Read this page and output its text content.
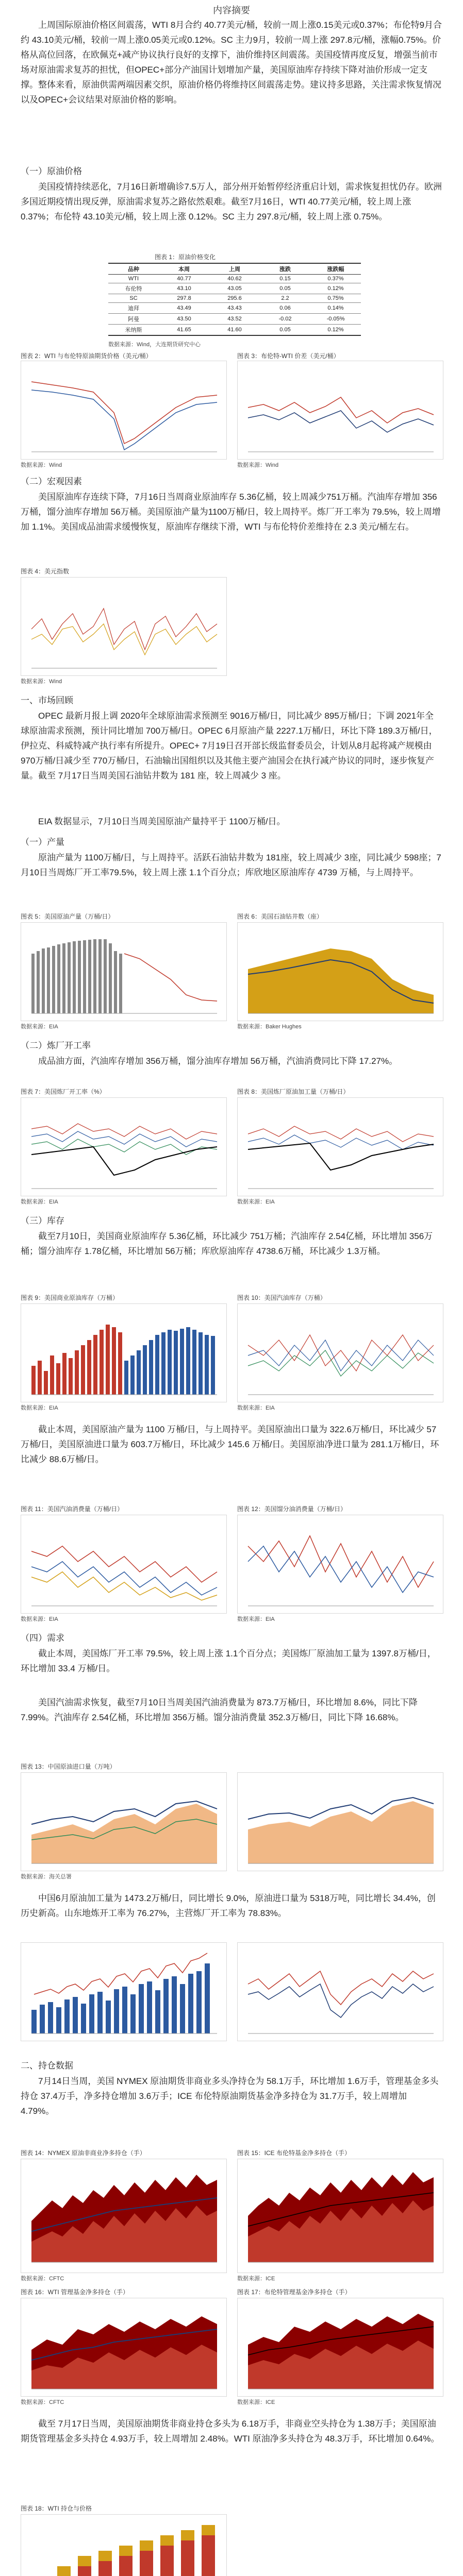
内容摘要
上周国际原油价格区间震荡，WTI 8月合约 40.77美元/桶，较前一周上涨0.15美元或0.37%；布伦特9月合约 43.10美元/桶，较前一周上涨0.05美元或0.12%。SC 主力9月，较前一周上涨 297.8元/桶，涨幅0.75%。价格从高位回落，在欧佩克+减产协议执行良好的支撑下，油价维持区间震荡。美国疫情再度反复，增强当前市场对原油需求复苏的担忧，但OPEC+部分产油国计划增加产量，美国原油库存持续下降对油价形成一定支撑。整体来看，原油供需两端因素交织，原油价格仍将维持区间震荡走势。建议持多思路，关注需求恢复情况以及OPEC+会议结果对原油价格的影响。
（一）原油价格
美国疫情持续恶化，7月16日新增确诊7.5万人，部分州开始暂停经济重启计划，需求恢复担忧仍存。欧洲多国近期疫情出现反弹，原油需求复苏之路依然艰难。截至7月16日，WTI 40.77美元/桶，较上周上涨 0.37%；布伦特 43.10美元/桶，较上周上涨 0.12%。SC 主力 297.8元/桶，较上周上涨 0.75%。
图表 1：原油价格变化
品种	本周	上周	涨跌	涨跌幅
WTI	40.77	40.62	0.15	0.37%
布伦特	43.10	43.05	0.05	0.12%
SC	297.8	295.6	2.2	0.75%
迪拜	43.49	43.43	0.06	0.14%
阿曼	43.50	43.52	-0.02	-0.05%
米纳斯	41.65	41.60	0.05	0.12%
数据来源：Wind，大连期货研究中心
图表 2：WTI 与布伦特原油期货价格（美元/桶）	图表 3：布伦特-WTI 价差（美元/桶）
数据来源：Wind	数据来源：Wind
（二）宏观因素
美国原油库存连续下降，7月16日当周商业原油库存 5.36亿桶，较上周减少751万桶。汽油库存增加 356万桶，馏分油库存增加 56万桶。美国原油产量为1100万桶/日，较上周持平。炼厂开工率为 79.5%，较上周增加 1.1%。美国成品油需求缓慢恢复，原油库存继续下滑，WTI 与布伦特价差维持在 2.3 美元/桶左右。
图表 4：美元指数
数据来源：Wind
一、市场回顾
OPEC 最新月报上调 2020年全球原油需求预测至 9016万桶/日，同比减少 895万桶/日；下调 2021年全球原油需求预测，预计同比增加 700万桶/日。OPEC 6月原油产量 2227.1万桶/日，环比下降 189.3万桶/日，伊拉克、科威特减产执行率有所提升。OPEC+ 7月19日召开部长级监督委员会，计划从8月起将减产规模由 970万桶/日减少至 770万桶/日，石油输出国组织以及其他主要产油国会在执行减产协议的同时，逐步恢复产量。截至 7月17日当周美国石油钻井数为 181 座，较上周减少 3 座。
EIA 数据显示，7月10日当周美国原油产量持平于 1100万桶/日。
（一）产量
原油产量为 1100万桶/日，与上周持平。活跃石油钻井数为 181座，较上周减少 3座，同比减少 598座；7月10日当周炼厂开工率79.5%，较上周上涨 1.1个百分点；库欣地区原油库存 4739 万桶，与上周持平。
图表 5：美国原油产量（万桶/日）	图表 6：美国石油钻井数（座）
数据来源：EIA	数据来源：Baker Hughes
（二）炼厂开工率
成品油方面，汽油库存增加 356万桶，馏分油库存增加 56万桶，汽油消费同比下降 17.27%。
图表 7：美国炼厂开工率（%）	图表 8：美国炼厂原油加工量（万桶/日）
数据来源：EIA	数据来源：EIA
（三）库存
截至7月10日，美国商业原油库存 5.36亿桶，环比减少 751万桶；汽油库存 2.54亿桶，环比增加 356万桶；馏分油库存 1.78亿桶，环比增加 56万桶；库欣原油库存 4738.6万桶，环比减少 1.3万桶。
图表 9：美国商业原油库存（万桶）	图表 10：美国汽油库存（万桶）
数据来源：EIA	数据来源：EIA
截止本周，美国原油产量为 1100 万桶/日，与上周持平。美国原油出口量为 322.6万桶/日，环比减少 57 万桶/日，美国原油进口量为 603.7万桶/日，环比减少 145.6 万桶/日。美国原油净进口量为 281.1万桶/日，环比减少 88.6万桶/日。
图表 11：美国汽油消费量（万桶/日）	图表 12：美国馏分油消费量（万桶/日）
数据来源：EIA	数据来源：EIA
（四）需求
截止本周，美国炼厂开工率 79.5%，较上周上涨 1.1个百分点；美国炼厂原油加工量为 1397.8万桶/日，环比增加 33.4 万桶/日。
美国汽油需求恢复，截至7月10日当周美国汽油消费量为 873.7万桶/日，环比增加 8.6%，同比下降 7.99%。汽油库存 2.54亿桶，环比增加 356万桶。馏分油消费量 352.3万桶/日，同比下降 16.68%。
图表 13：中国原油进口量（万吨）
数据来源：海关总署
中国6月原油加工量为 1473.2万桶/日，同比增长 9.0%，原油进口量为 5318万吨，同比增长 34.4%，创历史新高。山东地炼开工率为 76.27%，主营炼厂开工率为 78.83%。
二、持仓数据
7月14日当周，美国 NYMEX 原油期货非商业多头净持仓为 58.1万手，环比增加 1.6万手，管理基金多头持仓 37.4万手，净多持仓增加 3.6万手；ICE 布伦特原油期货基金净多持仓为 31.7万手，较上周增加 4.79%。
图表 14：NYMEX 原油非商业净多持仓（手）	图表 15：ICE 布伦特基金净多持仓（手）
数据来源：CFTC	数据来源：ICE
图表 16：WTI 管理基金净多持仓（手）	图表 17：布伦特管理基金净多持仓（手）
数据来源：CFTC	数据来源：ICE
截至 7月17日当周，美国原油期货非商业持仓多头为 6.18万手，非商业空头持仓为 1.38万手；美国原油期货管理基金多头持仓 4.93万手，较上周增加 2.48%。WTI 原油净多头持仓为 48.3万手，环比增加 0.64%。
图表 18：WTI 持仓与价格
